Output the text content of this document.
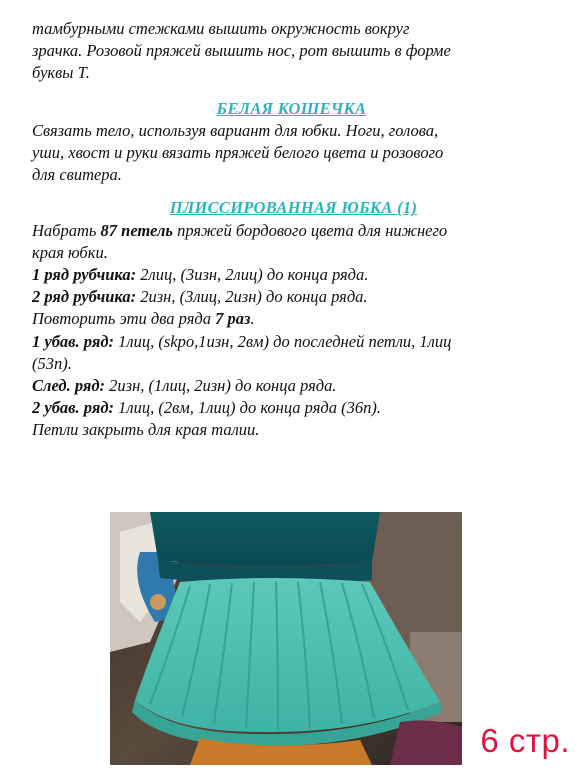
тамбурными стежками вышить окружность вокруг

зрачка. Розовой пряжей вышить нос, рот вышить в форме

буквы Т.

БЕЛАЯ КОШЕЧКА

Связать тело, используя вариант для юбки. Ноги, голова,

уши, хвост и руки вязать пряжей белого цвета и розового

для свитера.

ПЛИССИРОВАННАЯ ЮБКА (1)

Набрать 87 петель пряжей бордового цвета для нижнего

края юбки.

1 ряд рубчика: 2лиц, (3изн, 2лиц) до конца ряда.

2 ряд рубчика: 2изн, (3лиц, 2изн) до конца ряда.

Повторить эти два ряда 7 раз.

1 убав. ряд: 1лиц, (skpo,1изн, 2вм) до последней петли, 1лиц

(53п).

След. ряд: 2изн, (1лиц, 2изн) до конца ряда.

2 убав. ряд: 1лиц, (2вм, 1лиц) до конца ряда (36п).

Петли закрыть для края талии.

6 стр.
